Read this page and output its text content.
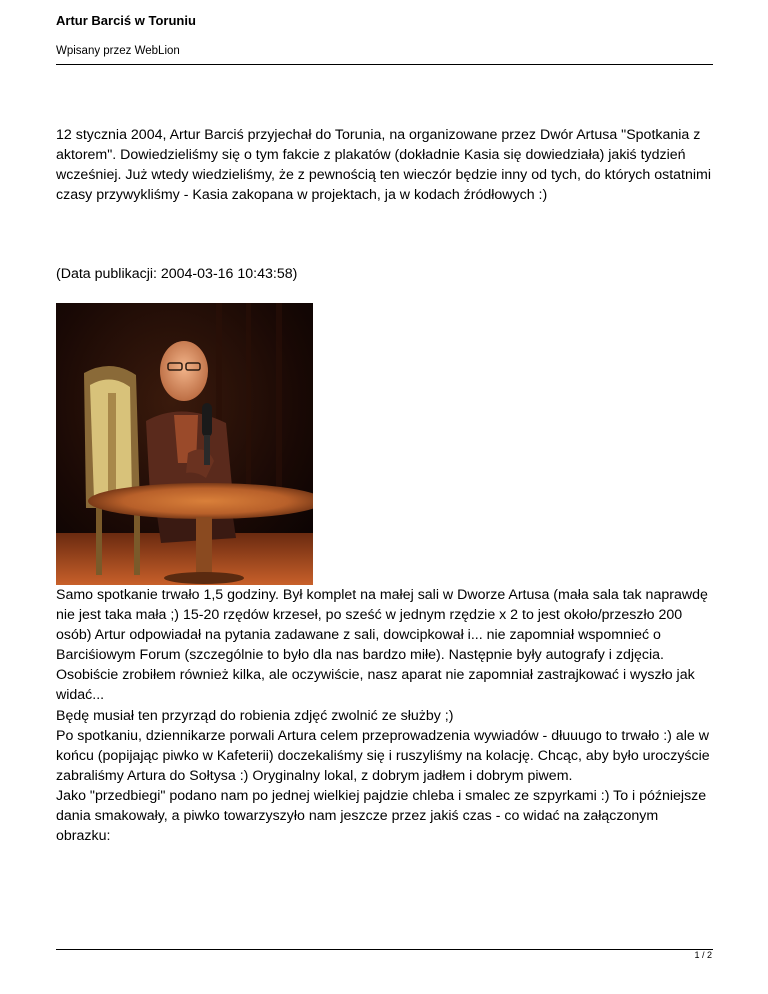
Artur Barciś w Toruniu
Wpisany przez WebLion

12 stycznia 2004, Artur Barciś przyjechał do Torunia, na organizowane przez Dwór Artusa "Spotkania z aktorem". Dowiedzieliśmy się o tym fakcie z plakatów (dokładnie Kasia się dowiedziała) jakiś tydzień wcześniej. Już wtedy wiedzieliśmy, że z pewnością ten wieczór będzie inny od tych, do których ostatnimi czasy przywykliśmy - Kasia zakopana w projektach, ja w kodach źródłowych :)

(Data publikacji: 2004-03-16 10:43:58)

Samo spotkanie trwało 1,5 godziny. Był komplet na małej sali w Dworze Artusa (mała sala tak naprawdę nie jest taka mała ;) 15-20 rzędów krzeseł, po sześć w jednym rzędzie x 2 to jest około/przeszło 200 osób) Artur odpowiadał na pytania zadawane z sali, dowcipkował i... nie zapomniał wspomnieć o Barciśiowym Forum (szczególnie to było dla nas bardzo miłe). Następnie były autografy i zdjęcia. Osobiście zrobiłem również kilka, ale oczywiście, nasz aparat nie zapomniał zastrajkować i wyszło jak widać...

Będę musiał ten przyrząd do robienia zdjęć zwolnić ze służby ;)

Po spotkaniu, dziennikarze porwali Artura celem przeprowadzenia wywiadów - dłuuugo to trwało :) ale w końcu (popijając piwko w Kafeterii) doczekaliśmy się i ruszyliśmy na kolację. Chcąc, aby było uroczyście zabraliśmy Artura do Sołtysa :) Oryginalny lokal, z dobrym jadłem i dobrym piwem.

Jako "przedbiegi" podano nam po jednej wielkiej pajdzie chleba i smalec ze szpyrkami :) To i późniejsze dania smakowały, a piwko towarzyszyło nam jeszcze przez jakiś czas - co widać na załączonym obrazku:

1 / 2
